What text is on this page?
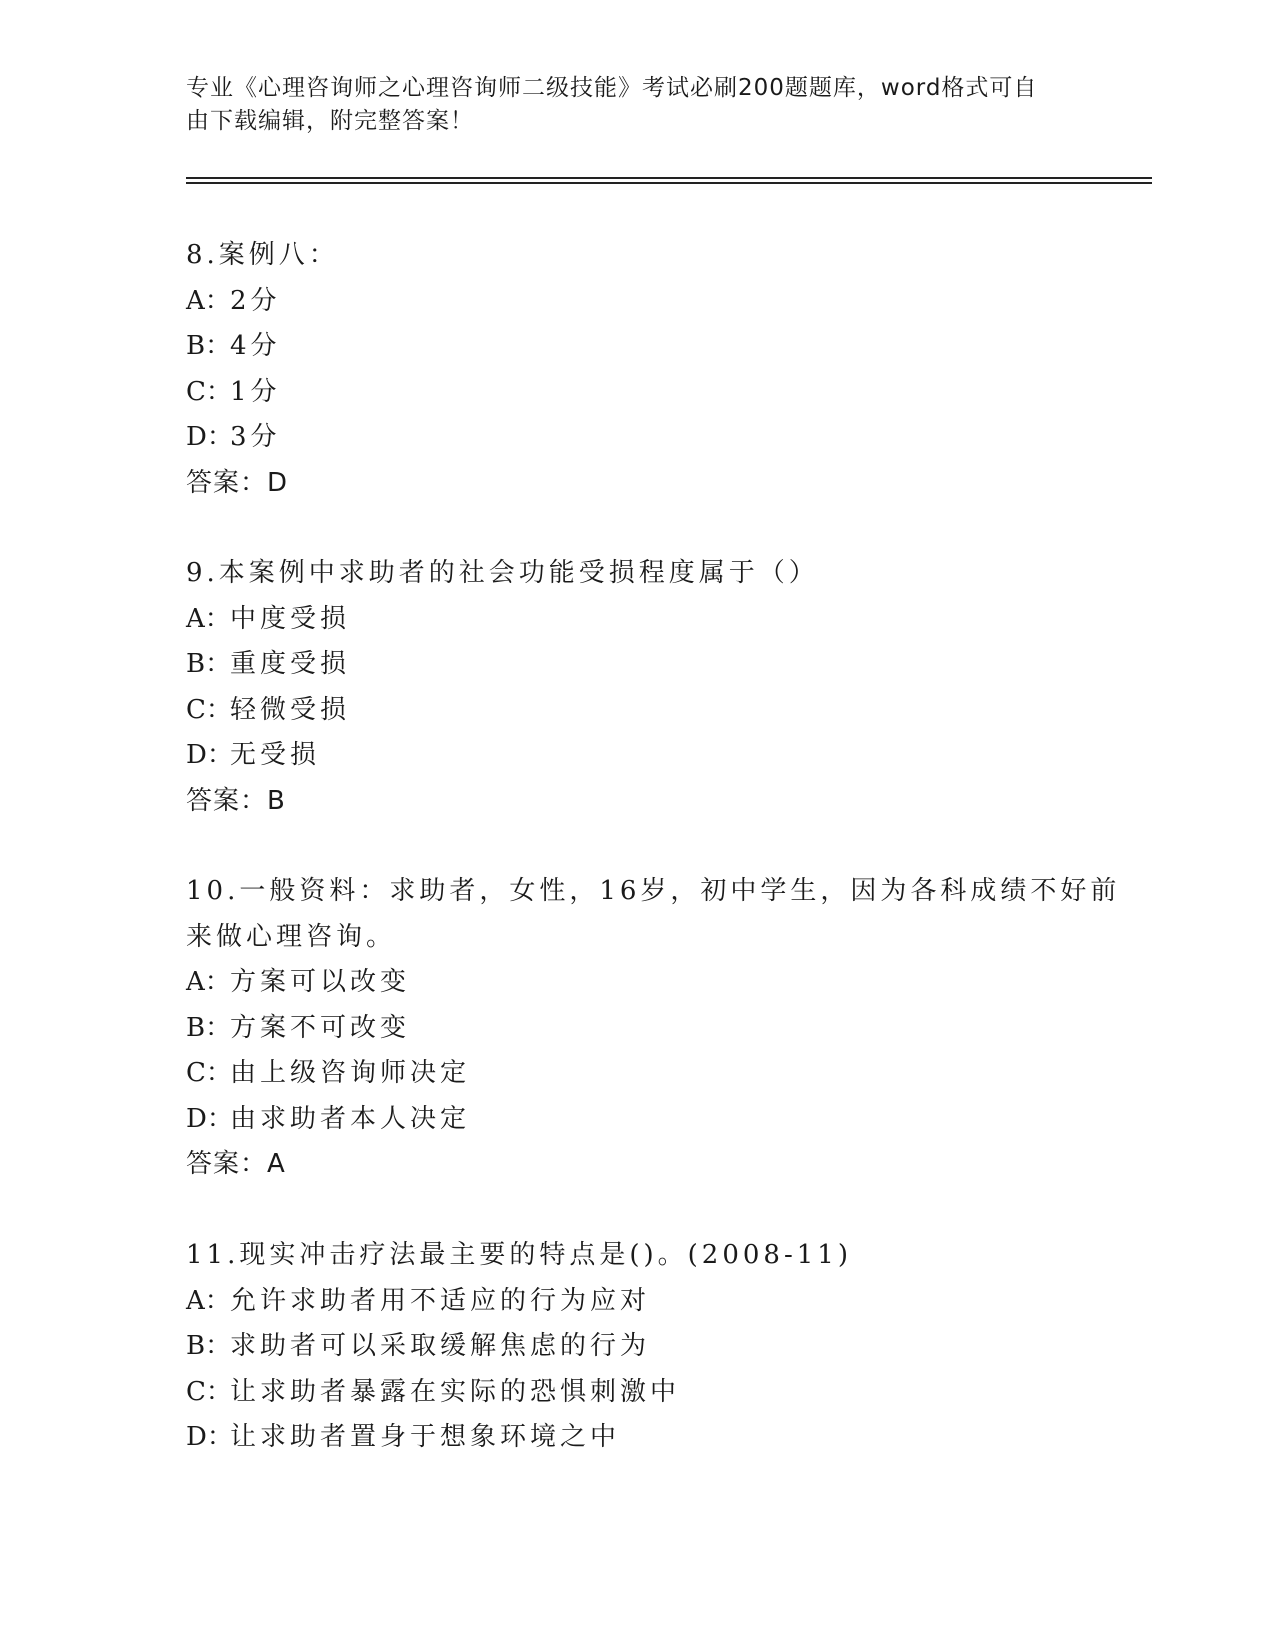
专业《心理咨询师之心理咨询师二级技能》考试必刷200题题库，word格式可自

由下载编辑，附完整答案！

8.案例八：
A：2分
B：4分
C：1分
D：3分
答案：D
9.本案例中求助者的社会功能受损程度属于（）
A：中度受损
B：重度受损
C：轻微受损
D：无受损
答案：B
10.一般资料：求助者，女性，16岁，初中学生，因为各科成绩不好前
来做心理咨询。
A：方案可以改变
B：方案不可改变
C：由上级咨询师决定
D：由求助者本人决定
答案：A
11.现实冲击疗法最主要的特点是()。(2008-11)
A：允许求助者用不适应的行为应对
B：求助者可以采取缓解焦虑的行为
C：让求助者暴露在实际的恐惧刺激中
D：让求助者置身于想象环境之中
